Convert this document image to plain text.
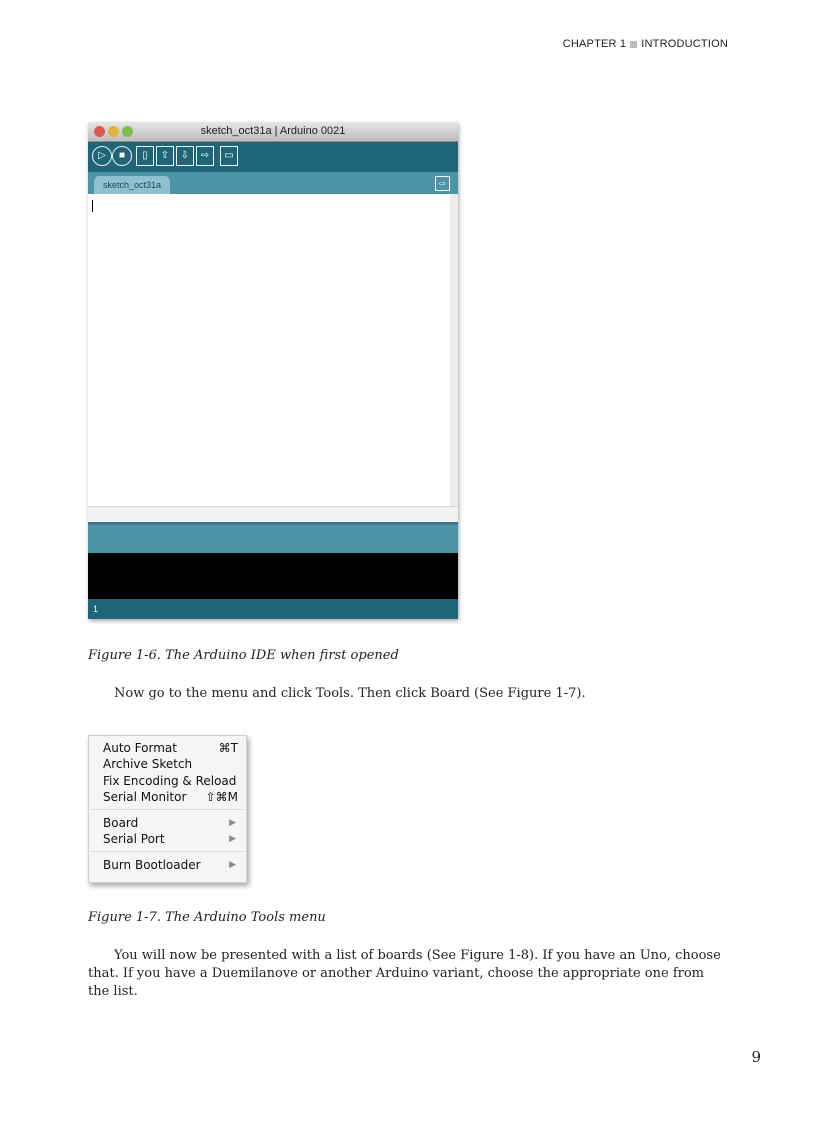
CHAPTER 1 INTRODUCTION
sketch_oct31a | Arduino 0021
▷	■	▯	⇧	⇩	⇨	▭
sketch_oct31a	⇨
1
Figure 1-6. The Arduino IDE when first opened

Now go to the menu and click Tools. Then click Board (See Figure 1-7).

Auto Format	⌘T
Archive Sketch
Fix Encoding & Reload
Serial Monitor ⇧⌘M
Board	▶
Serial Port	▶
Burn Bootloader	▶
Figure 1-7. The Arduino Tools menu

You will now be presented with a list of boards (See Figure 1-8). If you have an Uno, choose that. If you have a Duemilanove or another Arduino variant, choose the appropriate one from the list.

9
